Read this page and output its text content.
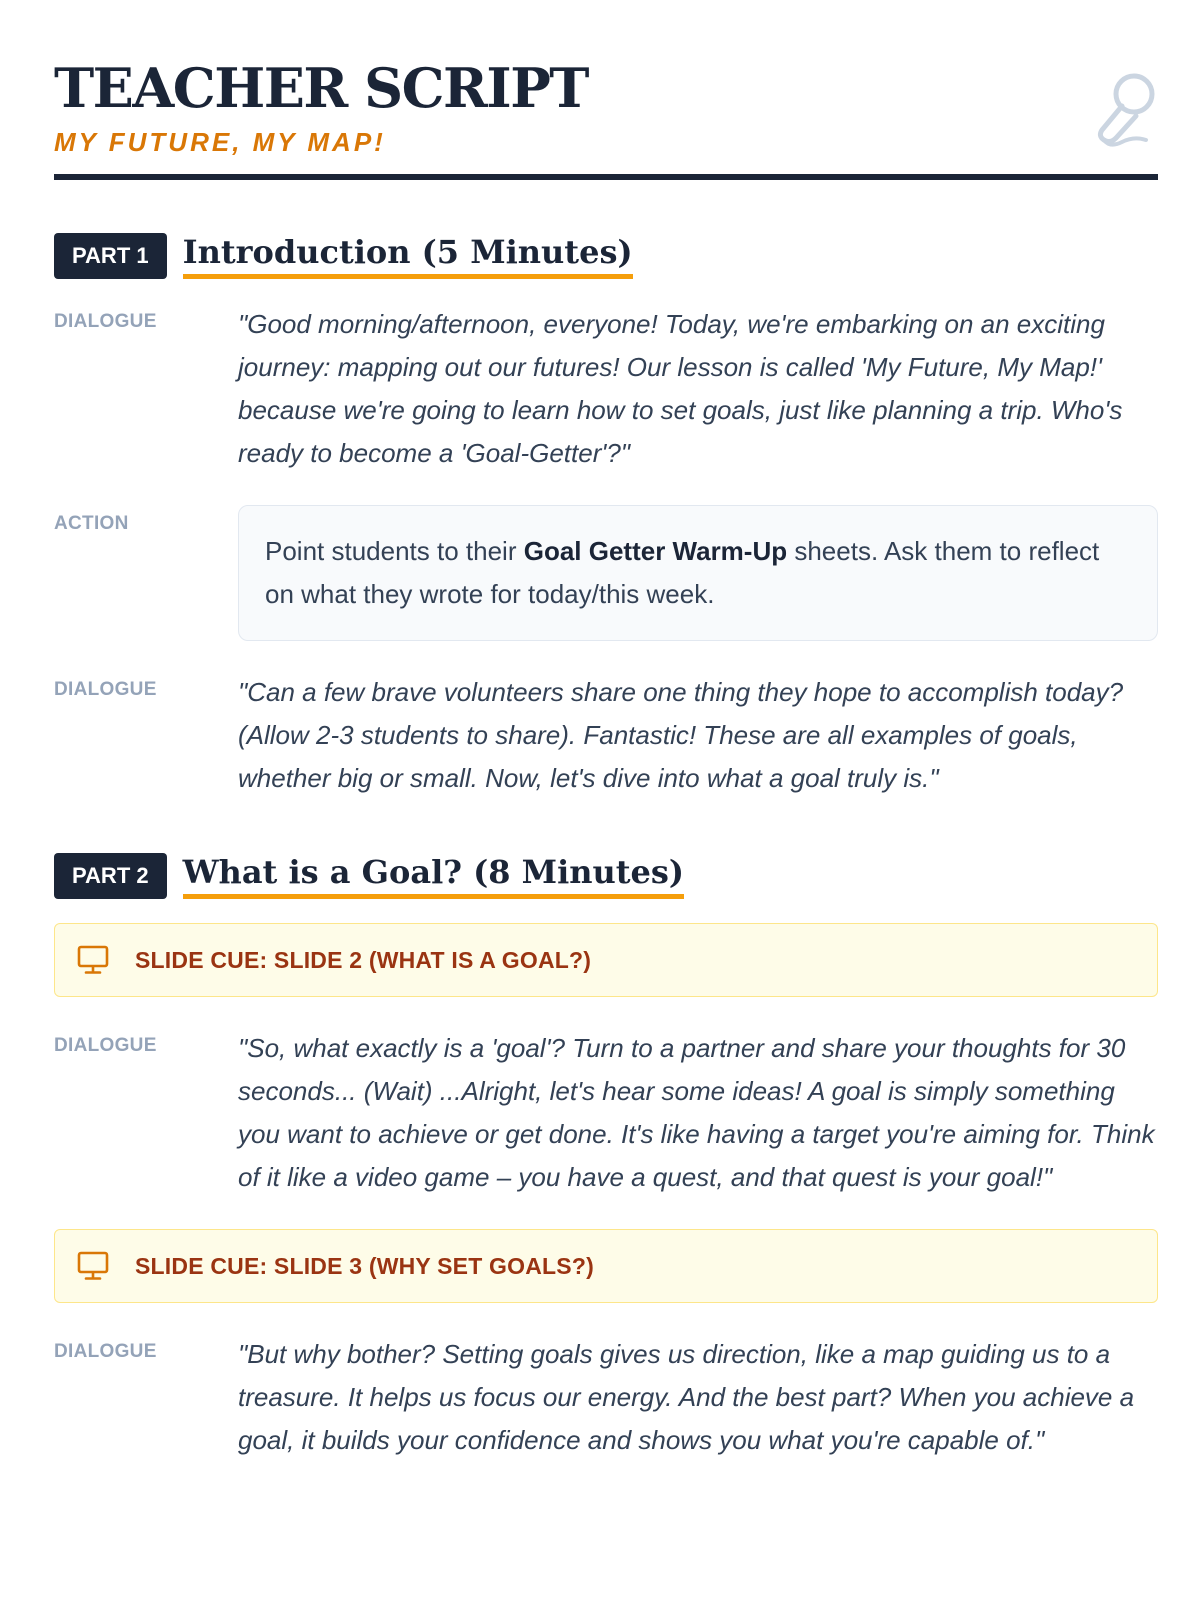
TEACHER SCRIPT

MY FUTURE, MY MAP!

PART 1	Introduction (5 Minutes)
DIALOGUE	"Good morning/afternoon, everyone! Today, we're embarking on an exciting journey: mapping out our futures! Our lesson is called 'My Future, My Map!' because we're going to learn how to set goals, just like planning a trip. Who's ready to become a 'Goal-Getter'?"
ACTION
Point students to their Goal Getter Warm-Up sheets. Ask them to reflect on what they wrote for today/this week.
DIALOGUE	"Can a few brave volunteers share one thing they hope to accomplish today? (Allow 2-3 students to share). Fantastic! These are all examples of goals, whether big or small. Now, let's dive into what a goal truly is."
PART 2	What is a Goal? (8 Minutes)
SLIDE CUE: SLIDE 2 (WHAT IS A GOAL?)
DIALOGUE	"So, what exactly is a 'goal'? Turn to a partner and share your thoughts for 30 seconds... (Wait) ...Alright, let's hear some ideas! A goal is simply something you want to achieve or get done. It's like having a target you're aiming for. Think of it like a video game – you have a quest, and that quest is your goal!"
SLIDE CUE: SLIDE 3 (WHY SET GOALS?)
DIALOGUE	"But why bother? Setting goals gives us direction, like a map guiding us to a treasure. It helps us focus our energy. And the best part? When you achieve a goal, it builds your confidence and shows you what you're capable of."
